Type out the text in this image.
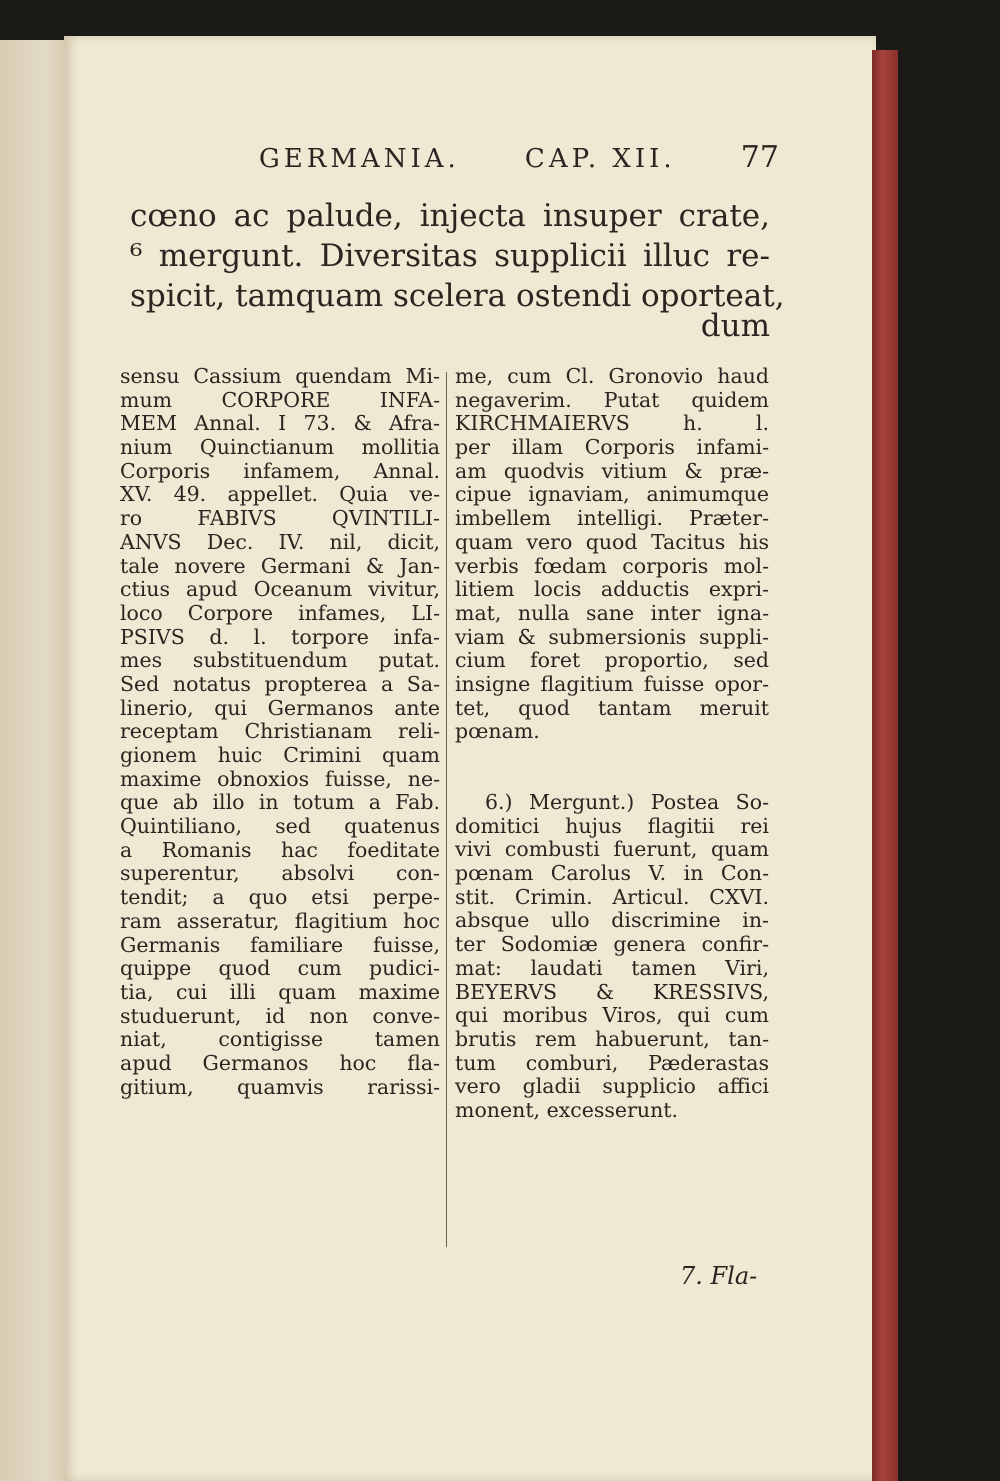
GERMANIA.	CAP. XII. 77
cœno ac palude, injecta insuper crate,
⁶ mergunt. Diversitas supplicii illuc re-
spicit, tamquam scelera ostendi oporteat,
dum
sensu Cassium quendam Mi-
mum CORPORE INFA-
MEM Annal. I 73. & Afra-
nium Quinctianum mollitia
Corporis infamem, Annal.
XV. 49. appellet. Quia ve-
ro FABIVS QVINTILI-
ANVS Dec. IV. nil, dicit,
tale novere Germani & Jan-
ctius apud Oceanum vivitur,
loco Corpore infames, LI-
PSIVS d. l. torpore infa-
mes substituendum putat.
Sed notatus propterea a Sa-
linerio, qui Germanos ante
receptam Christianam reli-
gionem huic Crimini quam
maxime obnoxios fuisse, ne-
que ab illo in totum a Fab.
Quintiliano, sed quatenus
a Romanis hac foeditate
superentur, absolvi con-
tendit; a quo etsi perpe-
ram asseratur, flagitium hoc
Germanis familiare fuisse,
quippe quod cum pudici-
tia, cui illi quam maxime
studuerunt, id non conve-
niat, contigisse tamen
apud Germanos hoc fla-
gitium, quamvis rarissi-
me, cum Cl. Gronovio haud
negaverim. Putat quidem
KIRCHMAIERVS h. l.
per illam Corporis infami-
am quodvis vitium & præ-
cipue ignaviam, animumque
imbellem intelligi. Præter-
quam vero quod Tacitus his
verbis fœdam corporis mol-
litiem locis adductis expri-
mat, nulla sane inter igna-
viam & submersionis suppli-
cium foret proportio, sed
insigne flagitium fuisse opor-
tet, quod tantam meruit
pœnam.
6.) Mergunt.) Postea So-
domitici hujus flagitii rei
vivi combusti fuerunt, quam
pœnam Carolus V. in Con-
stit. Crimin. Articul. CXVI.
absque ullo discrimine in-
ter Sodomiæ genera confir-
mat: laudati tamen Viri,
BEYERVS & KRESSIVS,
qui moribus Viros, qui cum
brutis rem habuerunt, tan-
tum comburi, Pæderastas
vero gladii supplicio affici
monent, excesserunt.
7. Fla-
